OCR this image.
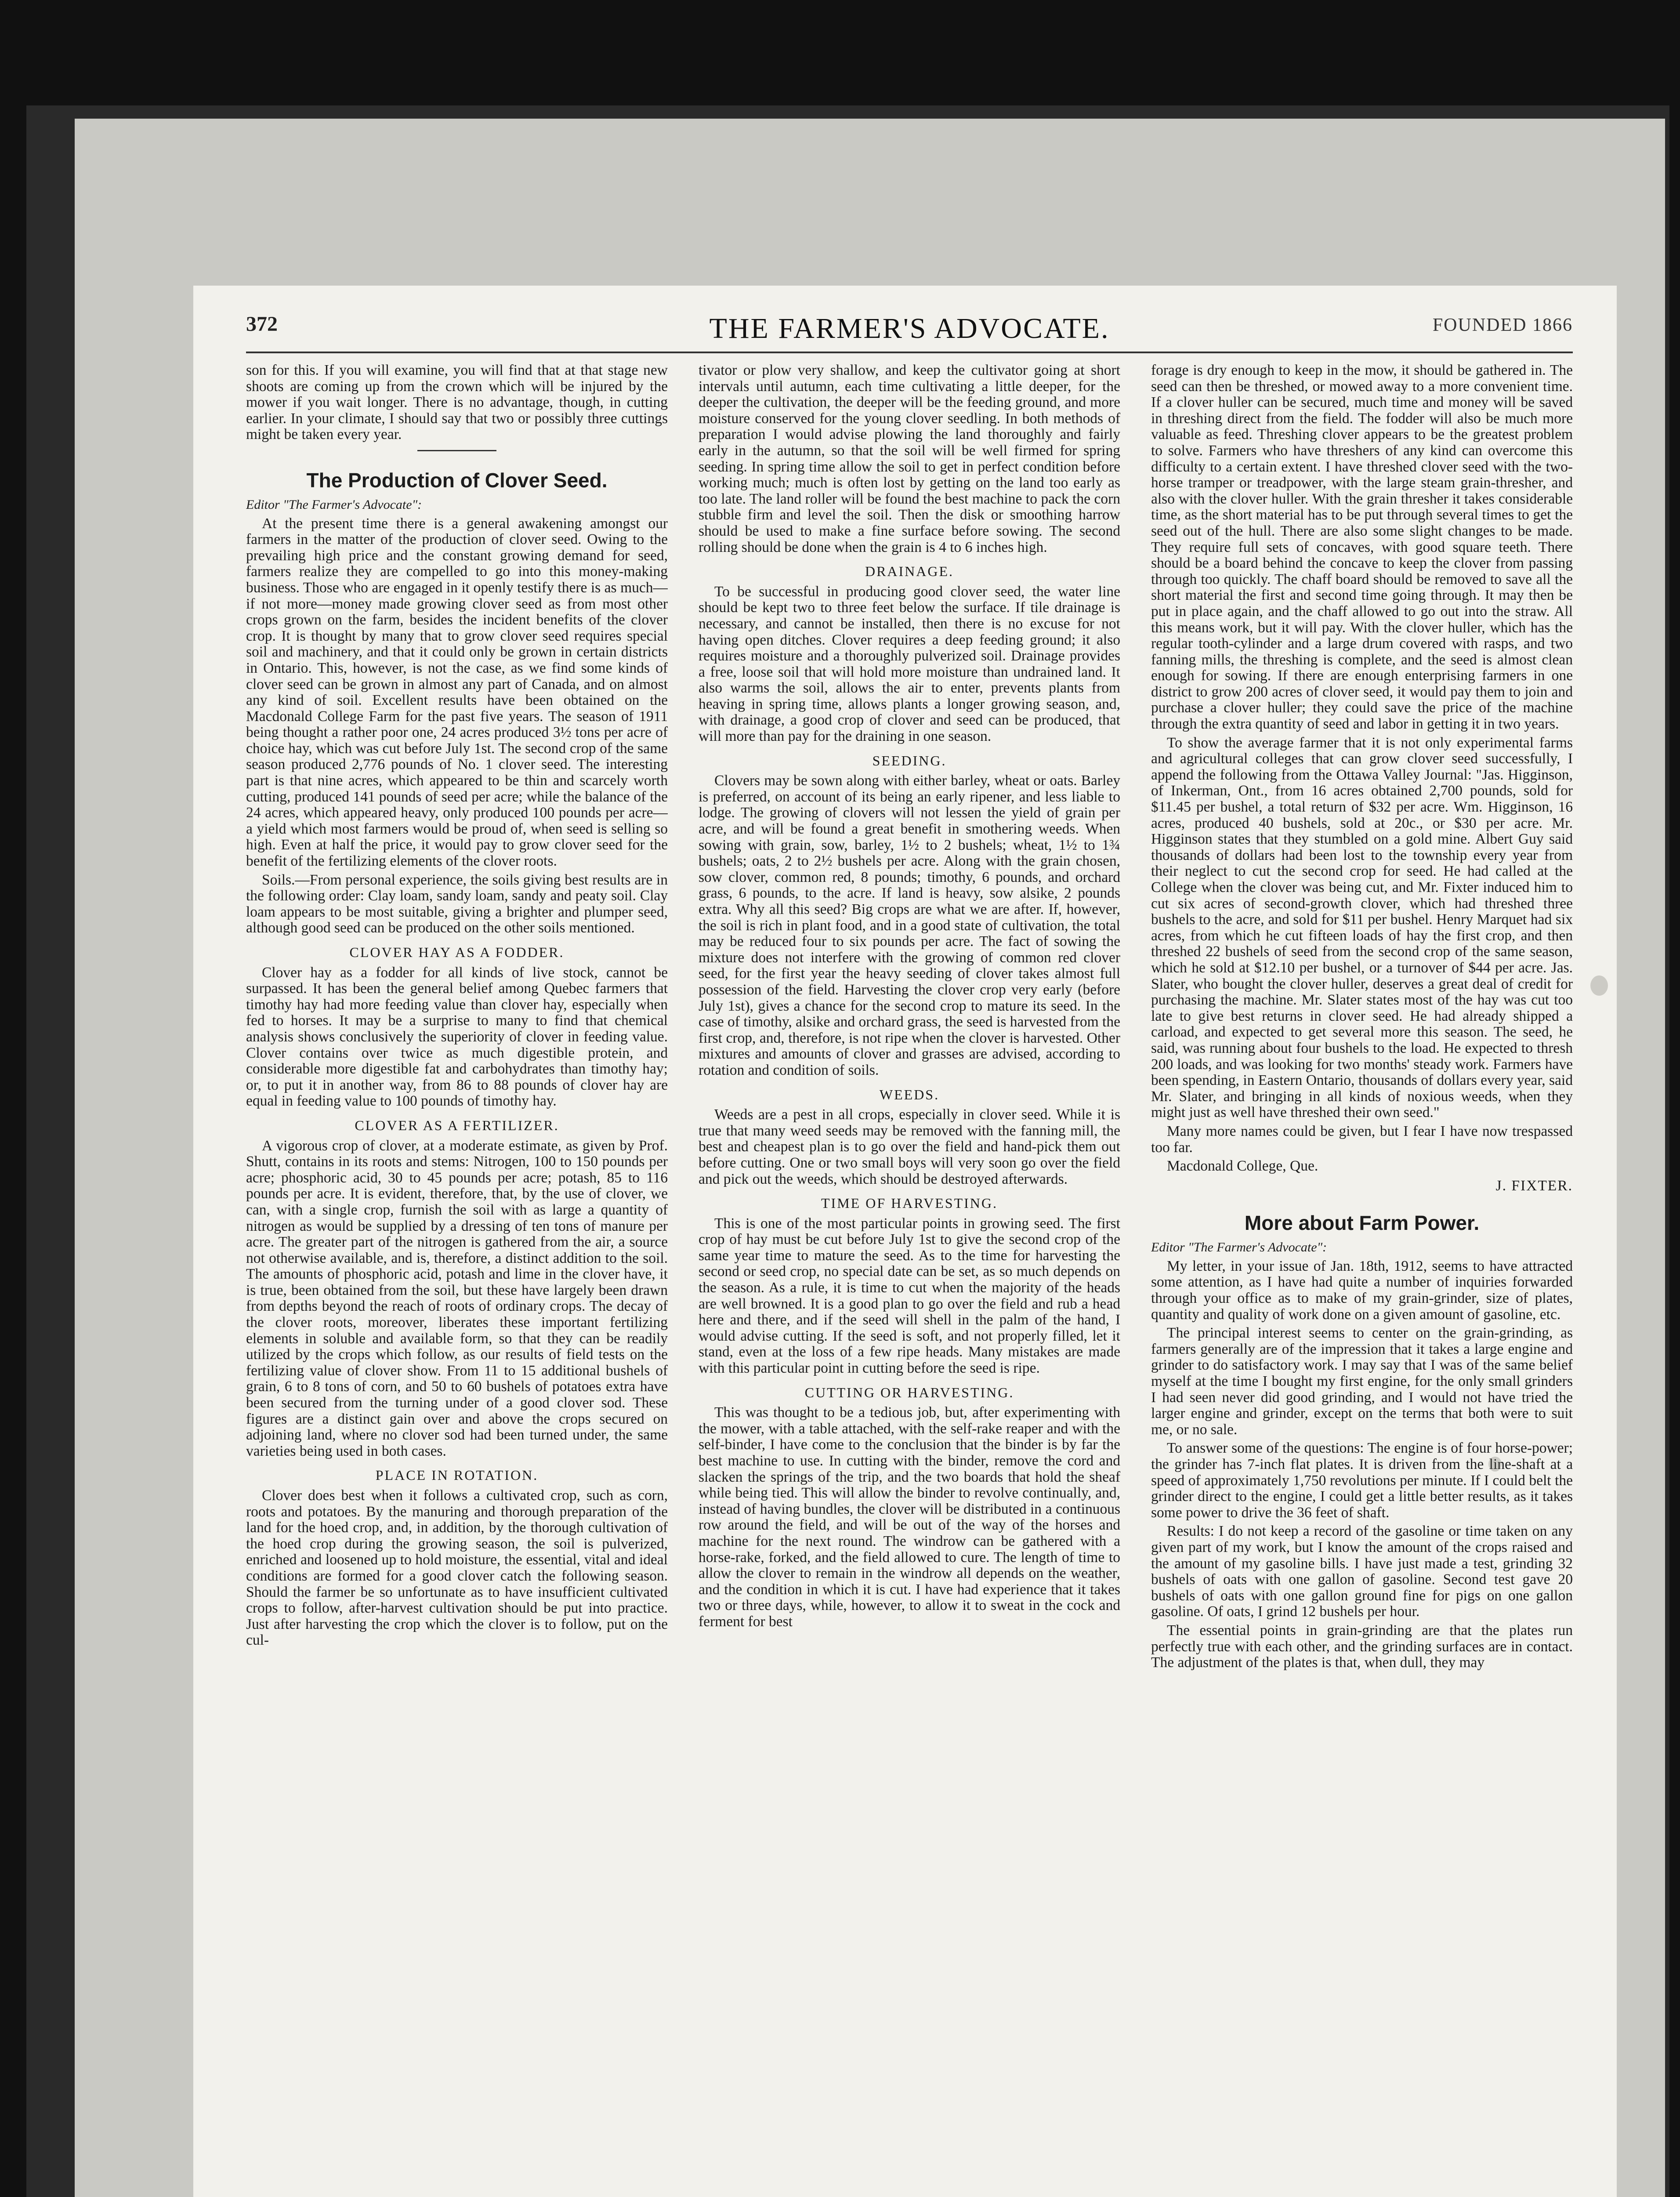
372	THE FARMER'S ADVOCATE.	FOUNDED 1866

son for this. If you will examine, you will find that at that stage new shoots are coming up from the crown which will be injured by the mower if you wait longer. There is no advantage, though, in cutting earlier. In your climate, I should say that two or possibly three cuttings might be taken every year.

The Production of Clover Seed.
Editor "The Farmer's Advocate":

At the present time there is a general awakening amongst our farmers in the matter of the production of clover seed. Owing to the prevailing high price and the constant growing demand for seed, farmers realize they are compelled to go into this money-making business. Those who are engaged in it openly testify there is as much—if not more—money made growing clover seed as from most other crops grown on the farm, besides the incident benefits of the clover crop. It is thought by many that to grow clover seed requires special soil and machinery, and that it could only be grown in certain districts in Ontario. This, however, is not the case, as we find some kinds of clover seed can be grown in almost any part of Canada, and on almost any kind of soil. Excellent results have been obtained on the Macdonald College Farm for the past five years. The season of 1911 being thought a rather poor one, 24 acres produced 3½ tons per acre of choice hay, which was cut before July 1st. The second crop of the same season produced 2,776 pounds of No. 1 clover seed. The interesting part is that nine acres, which appeared to be thin and scarcely worth cutting, produced 141 pounds of seed per acre; while the balance of the 24 acres, which appeared heavy, only produced 100 pounds per acre—a yield which most farmers would be proud of, when seed is selling so high. Even at half the price, it would pay to grow clover seed for the benefit of the fertilizing elements of the clover roots.

Soils.—From personal experience, the soils giving best results are in the following order: Clay loam, sandy loam, sandy and peaty soil. Clay loam appears to be most suitable, giving a brighter and plumper seed, although good seed can be produced on the other soils mentioned.

CLOVER HAY AS A FODDER.

Clover hay as a fodder for all kinds of live stock, cannot be surpassed. It has been the general belief among Quebec farmers that timothy hay had more feeding value than clover hay, especially when fed to horses. It may be a surprise to many to find that chemical analysis shows conclusively the superiority of clover in feeding value. Clover contains over twice as much digestible protein, and considerable more digestible fat and carbohydrates than timothy hay; or, to put it in another way, from 86 to 88 pounds of clover hay are equal in feeding value to 100 pounds of timothy hay.

CLOVER AS A FERTILIZER.

A vigorous crop of clover, at a moderate estimate, as given by Prof. Shutt, contains in its roots and stems: Nitrogen, 100 to 150 pounds per acre; phosphoric acid, 30 to 45 pounds per acre; potash, 85 to 116 pounds per acre. It is evident, therefore, that, by the use of clover, we can, with a single crop, furnish the soil with as large a quantity of nitrogen as would be supplied by a dressing of ten tons of manure per acre. The greater part of the nitrogen is gathered from the air, a source not otherwise available, and is, therefore, a distinct addition to the soil. The amounts of phosphoric acid, potash and lime in the clover have, it is true, been obtained from the soil, but these have largely been drawn from depths beyond the reach of roots of ordinary crops. The decay of the clover roots, moreover, liberates these important fertilizing elements in soluble and available form, so that they can be readily utilized by the crops which follow, as our results of field tests on the fertilizing value of clover show. From 11 to 15 additional bushels of grain, 6 to 8 tons of corn, and 50 to 60 bushels of potatoes extra have been secured from the turning under of a good clover sod. These figures are a distinct gain over and above the crops secured on adjoining land, where no clover sod had been turned under, the same varieties being used in both cases.

PLACE IN ROTATION.

Clover does best when it follows a cultivated crop, such as corn, roots and potatoes. By the manuring and thorough preparation of the land for the hoed crop, and, in addition, by the thorough cultivation of the hoed crop during the growing season, the soil is pulverized, enriched and loosened up to hold moisture, the essential, vital and ideal conditions are formed for a good clover catch the following season. Should the farmer be so unfortunate as to have insufficient cultivated crops to follow, after-harvest cultivation should be put into practice. Just after harvesting the crop which the clover is to follow, put on the cul-

tivator or plow very shallow, and keep the cultivator going at short intervals until autumn, each time cultivating a little deeper, for the deeper the cultivation, the deeper will be the feeding ground, and more moisture conserved for the young clover seedling. In both methods of preparation I would advise plowing the land thoroughly and fairly early in the autumn, so that the soil will be well firmed for spring seeding. In spring time allow the soil to get in perfect condition before working much; much is often lost by getting on the land too early as too late. The land roller will be found the best machine to pack the corn stubble firm and level the soil. Then the disk or smoothing harrow should be used to make a fine surface before sowing. The second rolling should be done when the grain is 4 to 6 inches high.

DRAINAGE.

To be successful in producing good clover seed, the water line should be kept two to three feet below the surface. If tile drainage is necessary, and cannot be installed, then there is no excuse for not having open ditches. Clover requires a deep feeding ground; it also requires moisture and a thoroughly pulverized soil. Drainage provides a free, loose soil that will hold more moisture than undrained land. It also warms the soil, allows the air to enter, prevents plants from heaving in spring time, allows plants a longer growing season, and, with drainage, a good crop of clover and seed can be produced, that will more than pay for the draining in one season.

SEEDING.

Clovers may be sown along with either barley, wheat or oats. Barley is preferred, on account of its being an early ripener, and less liable to lodge. The growing of clovers will not lessen the yield of grain per acre, and will be found a great benefit in smothering weeds. When sowing with grain, sow, barley, 1½ to 2 bushels; wheat, 1½ to 1¾ bushels; oats, 2 to 2½ bushels per acre. Along with the grain chosen, sow clover, common red, 8 pounds; timothy, 6 pounds, and orchard grass, 6 pounds, to the acre. If land is heavy, sow alsike, 2 pounds extra. Why all this seed? Big crops are what we are after. If, however, the soil is rich in plant food, and in a good state of cultivation, the total may be reduced four to six pounds per acre. The fact of sowing the mixture does not interfere with the growing of common red clover seed, for the first year the heavy seeding of clover takes almost full possession of the field. Harvesting the clover crop very early (before July 1st), gives a chance for the second crop to mature its seed. In the case of timothy, alsike and orchard grass, the seed is harvested from the first crop, and, therefore, is not ripe when the clover is harvested. Other mixtures and amounts of clover and grasses are advised, according to rotation and condition of soils.

WEEDS.

Weeds are a pest in all crops, especially in clover seed. While it is true that many weed seeds may be removed with the fanning mill, the best and cheapest plan is to go over the field and hand-pick them out before cutting. One or two small boys will very soon go over the field and pick out the weeds, which should be destroyed afterwards.

TIME OF HARVESTING.

This is one of the most particular points in growing seed. The first crop of hay must be cut before July 1st to give the second crop of the same year time to mature the seed. As to the time for harvesting the second or seed crop, no special date can be set, as so much depends on the season. As a rule, it is time to cut when the majority of the heads are well browned. It is a good plan to go over the field and rub a head here and there, and if the seed will shell in the palm of the hand, I would advise cutting. If the seed is soft, and not properly filled, let it stand, even at the loss of a few ripe heads. Many mistakes are made with this particular point in cutting before the seed is ripe.

CUTTING OR HARVESTING.

This was thought to be a tedious job, but, after experimenting with the mower, with a table attached, with the self-rake reaper and with the self-binder, I have come to the conclusion that the binder is by far the best machine to use. In cutting with the binder, remove the cord and slacken the springs of the trip, and the two boards that hold the sheaf while being tied. This will allow the binder to revolve continually, and, instead of having bundles, the clover will be distributed in a continuous row around the field, and will be out of the way of the horses and machine for the next round. The windrow can be gathered with a horse-rake, forked, and the field allowed to cure. The length of time to allow the clover to remain in the windrow all depends on the weather, and the condition in which it is cut. I have had experience that it takes two or three days, while, however, to allow it to sweat in the cock and ferment for best

forage is dry enough to keep in the mow, it should be gathered in. The seed can then be threshed, or mowed away to a more convenient time. If a clover huller can be secured, much time and money will be saved in threshing direct from the field. The fodder will also be much more valuable as feed. Threshing clover appears to be the greatest problem to solve. Farmers who have threshers of any kind can overcome this difficulty to a certain extent. I have threshed clover seed with the two-horse tramper or treadpower, with the large steam grain-thresher, and also with the clover huller. With the grain thresher it takes considerable time, as the short material has to be put through several times to get the seed out of the hull. There are also some slight changes to be made. They require full sets of concaves, with good square teeth. There should be a board behind the concave to keep the clover from passing through too quickly. The chaff board should be removed to save all the short material the first and second time going through. It may then be put in place again, and the chaff allowed to go out into the straw. All this means work, but it will pay. With the clover huller, which has the regular tooth-cylinder and a large drum covered with rasps, and two fanning mills, the threshing is complete, and the seed is almost clean enough for sowing. If there are enough enterprising farmers in one district to grow 200 acres of clover seed, it would pay them to join and purchase a clover huller; they could save the price of the machine through the extra quantity of seed and labor in getting it in two years.

To show the average farmer that it is not only experimental farms and agricultural colleges that can grow clover seed successfully, I append the following from the Ottawa Valley Journal: "Jas. Higginson, of Inkerman, Ont., from 16 acres obtained 2,700 pounds, sold for $11.45 per bushel, a total return of $32 per acre. Wm. Higginson, 16 acres, produced 40 bushels, sold at 20c., or $30 per acre. Mr. Higginson states that they stumbled on a gold mine. Albert Guy said thousands of dollars had been lost to the township every year from their neglect to cut the second crop for seed. He had called at the College when the clover was being cut, and Mr. Fixter induced him to cut six acres of second-growth clover, which had threshed three bushels to the acre, and sold for $11 per bushel. Henry Marquet had six acres, from which he cut fifteen loads of hay the first crop, and then threshed 22 bushels of seed from the second crop of the same season, which he sold at $12.10 per bushel, or a turnover of $44 per acre. Jas. Slater, who bought the clover huller, deserves a great deal of credit for purchasing the machine. Mr. Slater states most of the hay was cut too late to give best returns in clover seed. He had already shipped a carload, and expected to get several more this season. The seed, he said, was running about four bushels to the load. He expected to thresh 200 loads, and was looking for two months' steady work. Farmers have been spending, in Eastern Ontario, thousands of dollars every year, said Mr. Slater, and bringing in all kinds of noxious weeds, when they might just as well have threshed their own seed."

Many more names could be given, but I fear I have now trespassed too far.

Macdonald College, Que.

J. FIXTER.
More about Farm Power.
Editor "The Farmer's Advocate":

My letter, in your issue of Jan. 18th, 1912, seems to have attracted some attention, as I have had quite a number of inquiries forwarded through your office as to make of my grain-grinder, size of plates, quantity and quality of work done on a given amount of gasoline, etc.

The principal interest seems to center on the grain-grinding, as farmers generally are of the impression that it takes a large engine and grinder to do satisfactory work. I may say that I was of the same belief myself at the time I bought my first engine, for the only small grinders I had seen never did good grinding, and I would not have tried the larger engine and grinder, except on the terms that both were to suit me, or no sale.

To answer some of the questions: The engine is of four horse-power; the grinder has 7-inch flat plates. It is driven from the line-shaft at a speed of approximately 1,750 revolutions per minute. If I could belt the grinder direct to the engine, I could get a little better results, as it takes some power to drive the 36 feet of shaft.

Results: I do not keep a record of the gasoline or time taken on any given part of my work, but I know the amount of the crops raised and the amount of my gasoline bills. I have just made a test, grinding 32 bushels of oats with one gallon of gasoline. Second test gave 20 bushels of oats with one gallon ground fine for pigs on one gallon gasoline. Of oats, I grind 12 bushels per hour.

The essential points in grain-grinding are that the plates run perfectly true with each other, and the grinding surfaces are in contact. The adjustment of the plates is that, when dull, they may
